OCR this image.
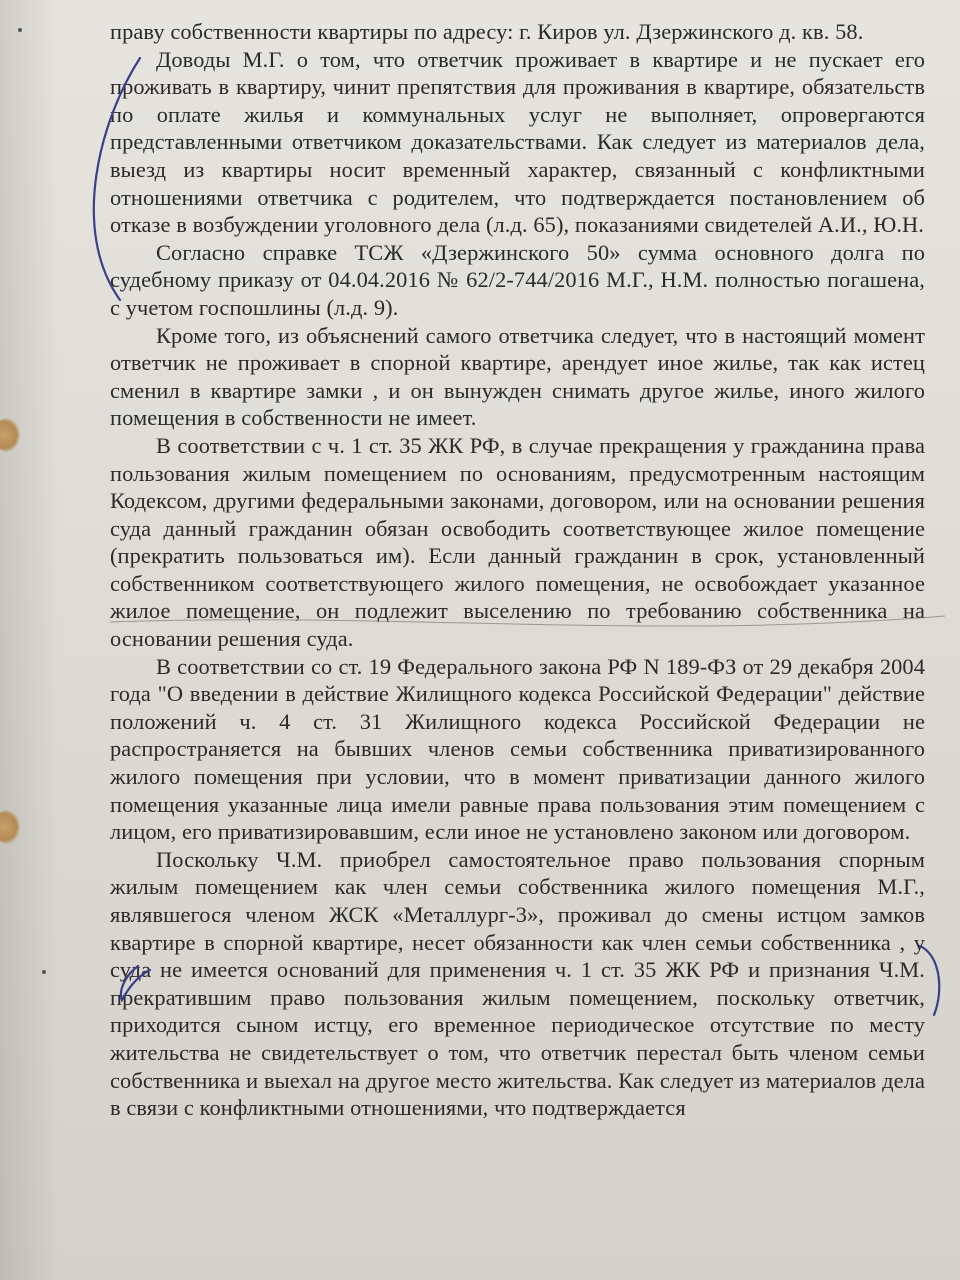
праву собственности квартиры по адресу: г. Киров ул. Дзержинского д. кв. 58.

Доводы М.Г. о том, что ответчик проживает в квартире и не пускает его проживать в квартиру, чинит препятствия для проживания в квартире, обязательств по оплате жилья и коммунальных услуг не выполняет, опровергаются представленными ответчиком доказательствами. Как следует из материалов дела, выезд из квартиры носит временный характер, связанный с конфликтными отношениями ответчика с родителем, что подтверждается постановлением об отказе в возбуждении уголовного дела (л.д. 65), показаниями свидетелей А.И., Ю.Н.

Согласно справке ТСЖ «Дзержинского 50» сумма основного долга по судебному приказу от 04.04.2016 № 62/2-744/2016 М.Г., Н.М. полностью погашена, с учетом госпошлины (л.д. 9).

Кроме того, из объяснений самого ответчика следует, что в настоящий момент ответчик не проживает в спорной квартире, арендует иное жилье, так как истец сменил в квартире замки , и он вынужден снимать другое жилье, иного жилого помещения в собственности не имеет.

В соответствии с ч. 1 ст. 35 ЖК РФ, в случае прекращения у гражданина права пользования жилым помещением по основаниям, предусмотренным настоящим Кодексом, другими федеральными законами, договором, или на основании решения суда данный гражданин обязан освободить соответствующее жилое помещение (прекратить пользоваться им). Если данный гражданин в срок, установленный собственником соответствующего жилого помещения, не освобождает указанное жилое помещение, он подлежит выселению по требованию собственника на основании решения суда.

В соответствии со ст. 19 Федерального закона РФ N 189-ФЗ от 29 декабря 2004 года "О введении в действие Жилищного кодекса Российской Федерации" действие положений ч. 4 ст. 31 Жилищного кодекса Российской Федерации не распространяется на бывших членов семьи собственника приватизированного жилого помещения при условии, что в момент приватизации данного жилого помещения указанные лица имели равные права пользования этим помещением с лицом, его приватизировавшим, если иное не установлено законом или договором.

Поскольку Ч.М. приобрел самостоятельное право пользования спорным жилым помещением как член семьи собственника жилого помещения М.Г., являвшегося членом ЖСК «Металлург-3», проживал до смены истцом замков квартире в спорной квартире, несет обязанности как член семьи собственника , у суда не имеется оснований для применения ч. 1 ст. 35 ЖК РФ и признания Ч.М. прекратившим право пользования жилым помещением, поскольку ответчик, приходится сыном истцу, его временное периодическое отсутствие по месту жительства не свидетельствует о том, что ответчик перестал быть членом семьи собственника и выехал на другое место жительства. Как следует из материалов дела в связи с конфликтными отношениями, что подтверждается
